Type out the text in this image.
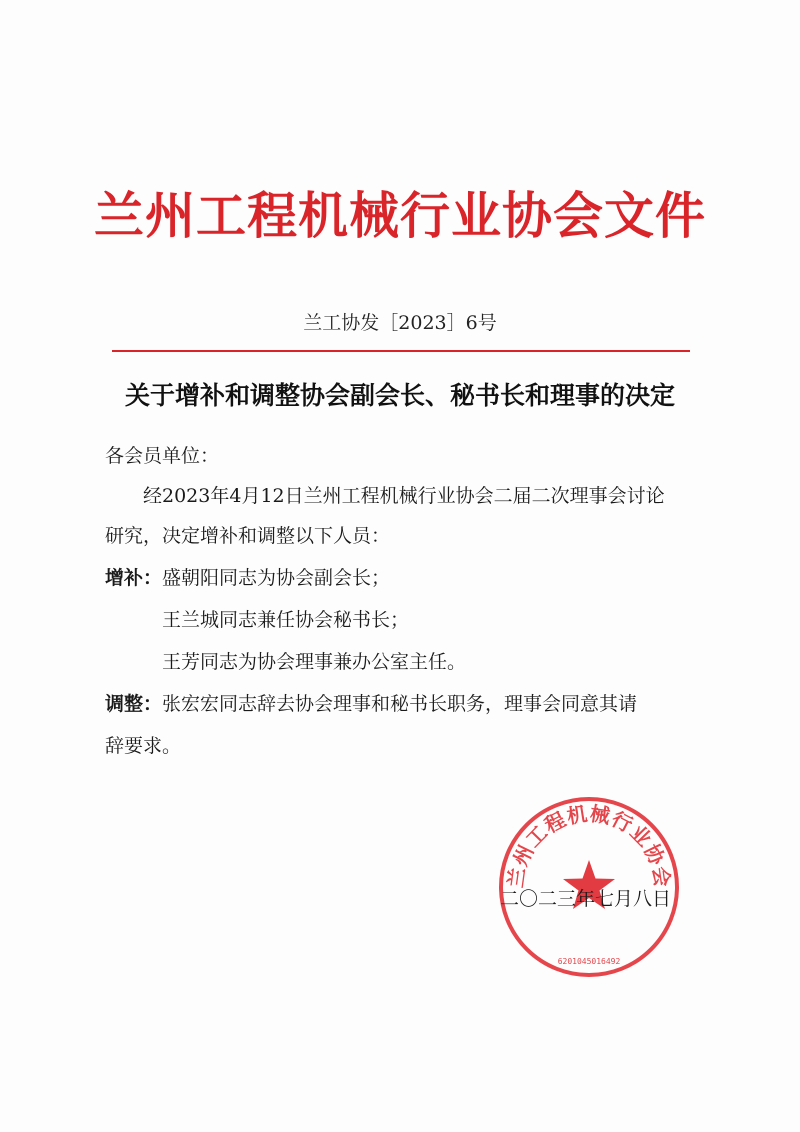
兰州工程机械行业协会文件
兰工协发［2023］6号
关于增补和调整协会副会长、秘书长和理事的决定
各会员单位：
经2023年4月12日兰州工程机械行业协会二届二次理事会讨论
研究，决定增补和调整以下人员：
增补：盛朝阳同志为协会副会长；
王兰城同志兼任协会秘书长；
王芳同志为协会理事兼办公室主任。
调整：张宏宏同志辞去协会理事和秘书长职务，理事会同意其请
辞要求。
兰州工程机械行业协会
6201045016492
二〇二三年七月八日
